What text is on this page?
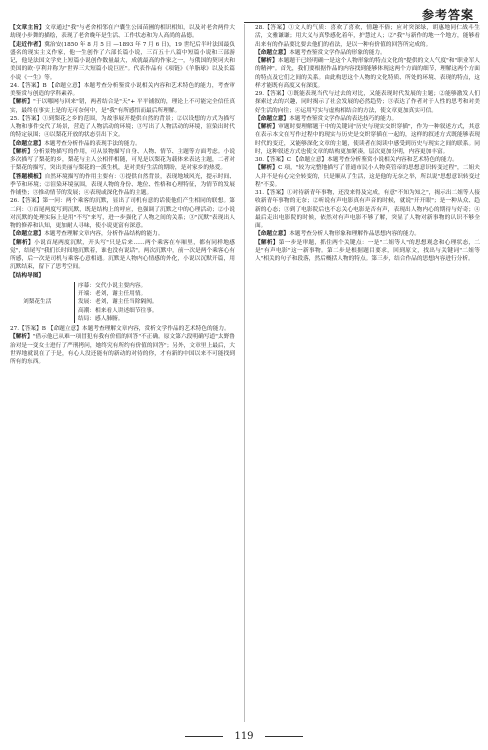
参考答案

【文章主旨】文章通过"我"与老舍相邻在户囊生公园苗圃的相识相知，以及对老舍两件大劫现小步舞的描绘，表现了老舍晚年是生活、工作状态和为人高尚的品德。

【走近作者】冀治安(1850 年 8 月 5 日 —1893 年 7 月 6 日)，19 世纪后半叶法国最负盛名的现实主义作家，他一生创作了六部长篇小说，三百五十八篇中短篇小说和三部游记，他是法国文学史上短篇小说创作数量最大，成就最高的作家之一，与俄国的契诃夫和美国的欧·亨利并称为"世界三大短篇小说巨匠"。代表作品有《项链》《羊脂球》以及长篇小说《一生》等。

24.【答案】B 【命题立意】本题考查分析鉴赏小说相关内容和艺术特色的能力，考查审美鉴赏与创造的学科素养。

【解析】"于以哪网与回来"错，两者结合是"天"+ 平平铺叙的，理论上不可能完全信任真实，最终在事实上是的无可奈何中，是"我"有所感悟而最后所理解。

25.【答案】①到梨花之乡的范围，为故事展开提供自然的背景；②以设想的方式为描写人物和事件交代了场景，营造了人物活动的环境；③写出了人物活动的环境，渲染出时代的特定氛围；④以梨花开放的状态引出下文。

【命题立意】本题考查分析作品的表现手法的能力。

【解析】分析景物描写的作用，可从景物描写自身、人物、情节、主题等方面考虑。小说多次描写了梨花的乡，梨花与主人公相伴相随，可见是以梨花为载体来表达主题，二者对于梨花的描写，突出美丽与梨花的一派生机，是对美好生活的期盼，是对家乡的热爱。

【答题模板】自然环境描写的作用主要有：①提供自然背景，表现地域风光，提示时间、季节和环境；②渲染环境氛围，表现人物的身份、地位、性格和心理特征，为情节的发展作铺垫；③推动情节的发展；④表现或深化作品的主题。

26.【答案】第一问：两个乘客的沉默，显出了司机有意的话使他们产生相同的联想。第二问：①首尾两度写到沉默，既是结构上的呼应，也强调了沉默之中的心理活动；②小说对沉默的处理实际上是用"不写"来写，进一步强化了人物之间的关系；③"沉默"表现出人物的修养和认知，更加耐人寻味，使小说更富有深意。

【命题立意】本题考查理解文章内容，分析作品结构的能力。

【解析】小说首尾两度沉默，开头写"只是后来……两个乘客在车厢里，都有同样地感觉"，结尾写"我们长时间地沉默着，谁也没有说话"。两次沉默中，前一次是两个乘客心有所感，后一次是司机与乘客心意相通。沉默是人物内心情感的外化，小说以沉默开篇，用沉默结束，留下了思考空间。

【结构导图】

刘梨花生活	序幕：交代小说主要内容。
开端：老刘，谢主任用情。
发展：老刘，谢主任当除隔阂。
高潮：相来看人讲述细节往事。
结局：感人肺腑。

27.【答案】B 【命题立意】本题考查理解文章内容，赏析文学作品的艺术特色的能力。

【解析】"借示他已从难一项冒犯有我有价值的回答"不正确。原文第六段明确写道"太野鲁治对是一变女士进行了严刑拷问，她终究有所约有价值的回答"；另外，文章里上最后，大世界地就说在了于是，有心人没还能有的新动的对待的你，才有新的中国以来不可能找到所有的东西。

28.【答案】①文人的气质：喜欢了喜欢，情趣不俗；应对突深绿，胡惠地同仁战斗生活，文雅谦谦；用大义与真挚感化着年，护慧过人；②"我"与新作的地一个地方，能够看出来有的作品要比要去他们的看法，是以一种有价值的回答所完成的。

【命题立意】本题考查鉴赏文学作品的形象的能力。

【解析】本题题干已经明确一是这个人物形象的特点文化的"提供的文人气度"和"职业军人的精神"。首先，我们要根据作品的内容找到能够体现这两个方面的细节，理解这两个方面的特点及它们之间的关系。由此构思这个人物的文化特质、所处的环境、表现的特点，这样才能既有高度又有深度。

29.【答案】①既能表现当代与过去的对比，又能表现时代发展的主题；②能够激发人们探索过去的兴趣，同时揭示了社会发展的必然趋势；③表达了作者对于人性的思考和对美好生活的向往；④运用写实与虚构相结合的方法，使文章更加真实可信。

【命题立意】本题考查鉴赏文学作品的表达技巧的能力。

【解析】审题时要理解题干中的关键词"历史与现实交织穿插"，作为一种叙述方式，其意在表示本文在写作过程中的现实与历史是交织穿插在一起的，这样的叙述方式既能够表现时代的变迁，又能够深化文章的主题，使读者在阅读中感受到历史与现实之间的联系。同时，这种叙述方式也使文章的结构更加紧凑，层次更加分明，内容更加丰富。

30.【答案】C 【命题立意】本题考查分析鉴赏小说相关内容和艺术特色的能力。

【解析】C 项，"较为完整地描写了普通市民小人物莫管帝的思想意识转变过程"，二姐夫人并不是有心完全转变的，只是顺从了生活，这是他的无奈之举，所以说"思想意识转变过程"不妥。

31.【答案】①对待新青年事物，还没来得及完成，有意"不知为知之"，揭示出二姐等人接收新青年事物的无奈；②听说有声电影真有声音的时候，就说"开开眼"；是一种从众、趋新的心态；③到了电影院后也不忘关心电影是否有声，表现出人物内心的期待与好奇；④最后走出电影院的时候，依然对有声电影不够了解，突显了人物对新事物的认识不够全面。

【命题立意】本题考查分析人物形象和理解作品思想内容的能力。

【解析】第一步是审题，抓住两个关键点：一是"二姐等人"的思想观念和心理状态，二是"有声电影"这一新事物。第二步是根据题目要求，回到原文，找出与关键词"二姐等人"相关的句子和段落，然后概括人物的特点。第三步，结合作品的思想内容进行分析。

119
